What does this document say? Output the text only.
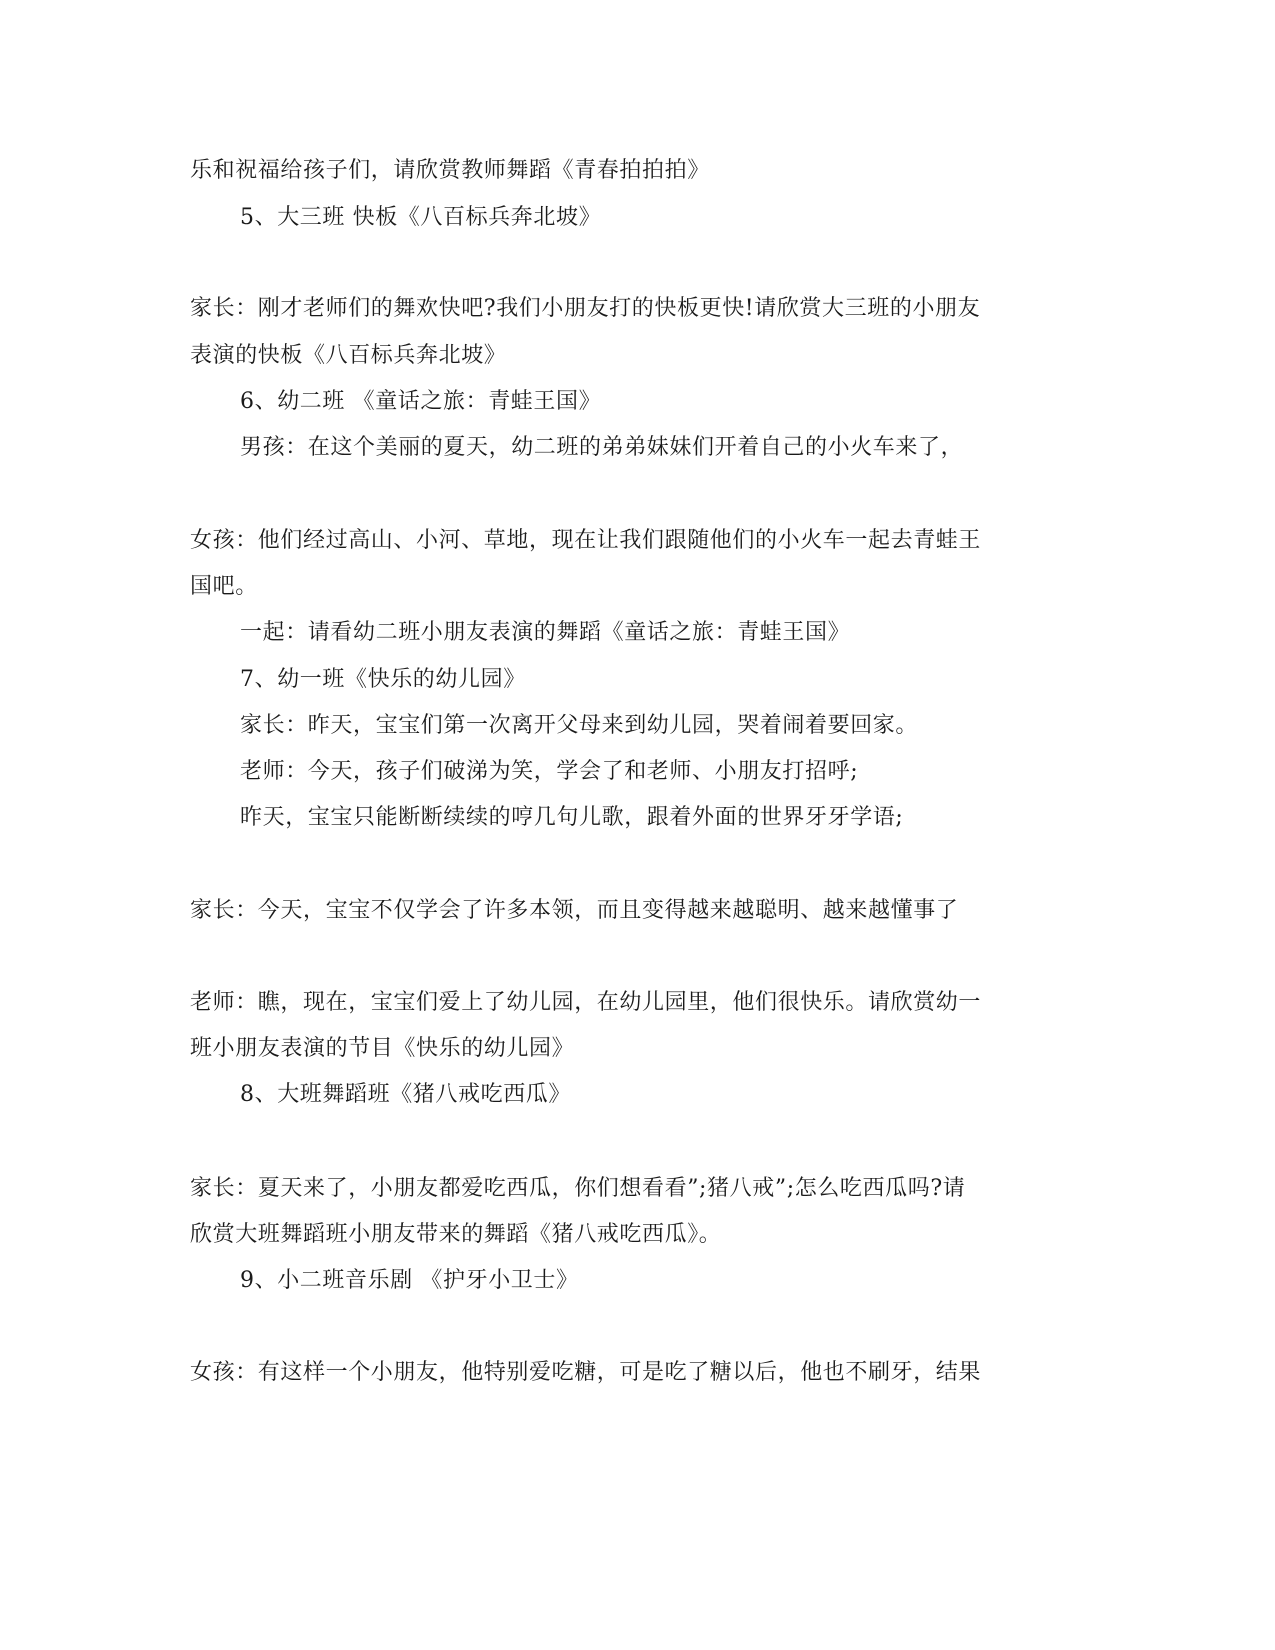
乐和祝福给孩子们，请欣赏教师舞蹈《青春拍拍拍》
5、大三班 快板《八百标兵奔北坡》
家长：刚才老师们的舞欢快吧?我们小朋友打的快板更快!请欣赏大三班的小朋友
表演的快板《八百标兵奔北坡》
6、幼二班 《童话之旅：青蛙王国》
男孩：在这个美丽的夏天，幼二班的弟弟妹妹们开着自己的小火车来了，
女孩：他们经过高山、小河、草地，现在让我们跟随他们的小火车一起去青蛙王
国吧。
一起：请看幼二班小朋友表演的舞蹈《童话之旅：青蛙王国》
7、幼一班《快乐的幼儿园》
家长：昨天，宝宝们第一次离开父母来到幼儿园，哭着闹着要回家。
老师：今天，孩子们破涕为笑，学会了和老师、小朋友打招呼;
昨天，宝宝只能断断续续的哼几句儿歌，跟着外面的世界牙牙学语;
家长：今天，宝宝不仅学会了许多本领，而且变得越来越聪明、越来越懂事了
老师：瞧，现在，宝宝们爱上了幼儿园，在幼儿园里，他们很快乐。请欣赏幼一
班小朋友表演的节目《快乐的幼儿园》
8、大班舞蹈班《猪八戒吃西瓜》
家长：夏天来了，小朋友都爱吃西瓜，你们想看看”;猪八戒”;怎么吃西瓜吗?请
欣赏大班舞蹈班小朋友带来的舞蹈《猪八戒吃西瓜》。
9、小二班音乐剧 《护牙小卫士》
女孩：有这样一个小朋友，他特别爱吃糖，可是吃了糖以后，他也不刷牙，结果
